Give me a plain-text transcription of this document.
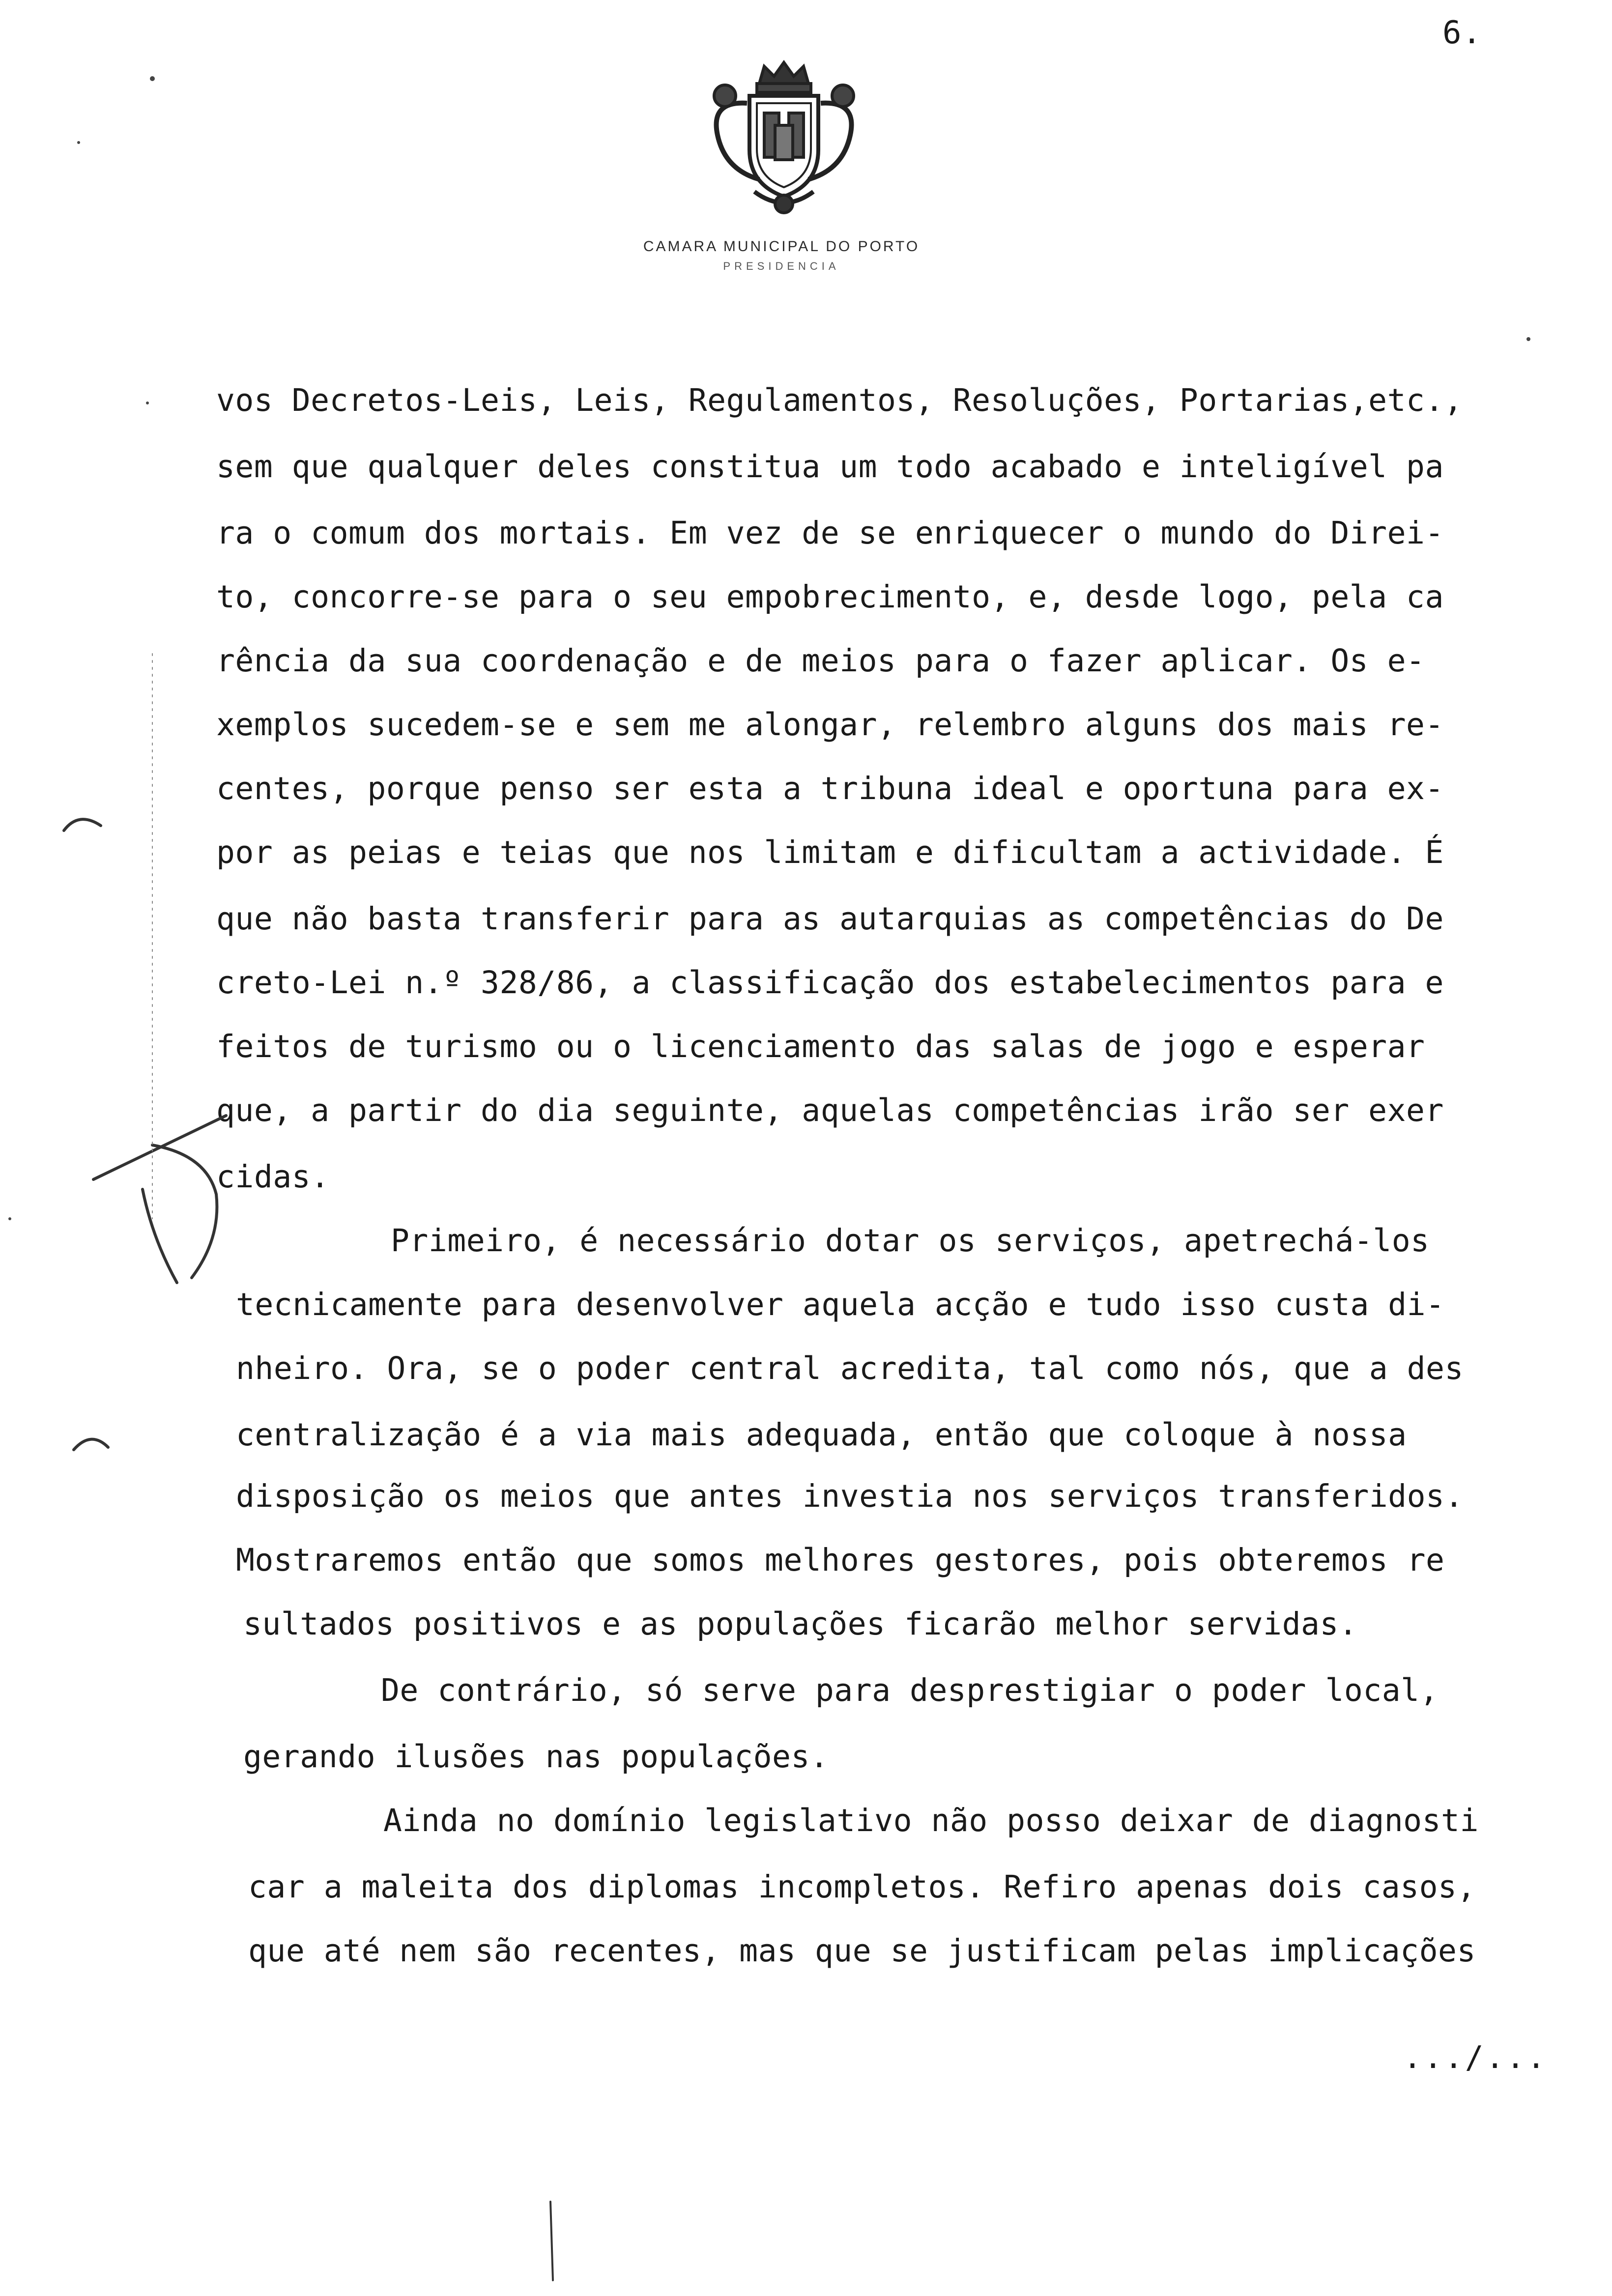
6.
CAMARA MUNICIPAL DO PORTO
PRESIDENCIA
vos Decretos-Leis, Leis, Regulamentos, Resoluções, Portarias,etc.,
sem que qualquer deles constitua um todo acabado e inteligível pa
ra o comum dos mortais. Em vez de se enriquecer o mundo do Direi-
to, concorre-se para o seu empobrecimento, e, desde logo, pela ca
rência da sua coordenação e de meios para o fazer aplicar. Os e-
xemplos sucedem-se e sem me alongar, relembro alguns dos mais re-
centes, porque penso ser esta a tribuna ideal e oportuna para ex-
por as peias e teias que nos limitam e dificultam a actividade. É
que não basta transferir para as autarquias as competências do De
creto-Lei n.º 328/86, a classificação dos estabelecimentos para e
feitos de turismo ou o licenciamento das salas de jogo e esperar
que, a partir do dia seguinte, aquelas competências irão ser exer
cidas.
Primeiro, é necessário dotar os serviços, apetrechá-los
tecnicamente para desenvolver aquela acção e tudo isso custa di-
nheiro. Ora, se o poder central acredita, tal como nós, que a des
centralização é a via mais adequada, então que coloque à nossa
disposição os meios que antes investia nos serviços transferidos.
Mostraremos então que somos melhores gestores, pois obteremos re
sultados positivos e as populações ficarão melhor servidas.
De contrário, só serve para desprestigiar o poder local,
gerando ilusões nas populações.
Ainda no domínio legislativo não posso deixar de diagnosti
car a maleita dos diplomas incompletos. Refiro apenas dois casos,
que até nem são recentes, mas que se justificam pelas implicações
.../...
